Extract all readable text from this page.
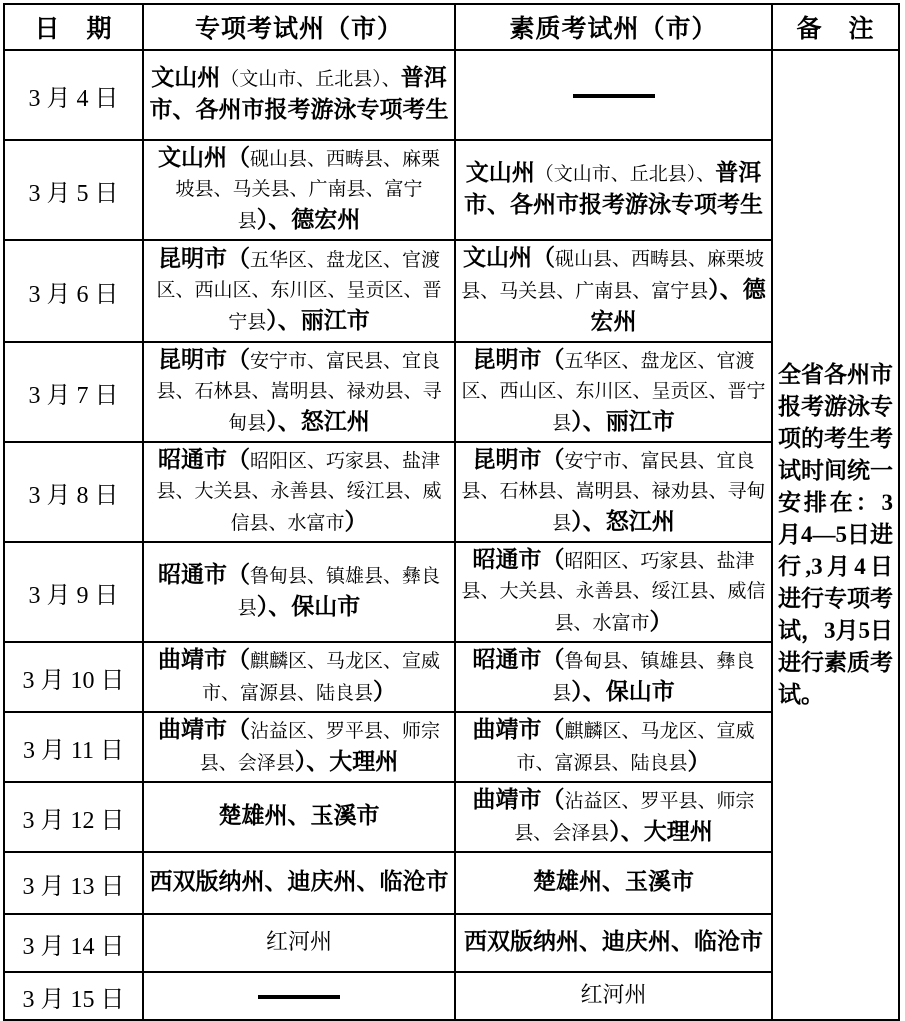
日　期	专项考试州（市）	素质考试州（市）	备　注
3 月 4 日	文山州（文山市、丘北县）、普洱市、各州市报考游泳专项考生		全省各州市报考游泳专项的考生考试时间统一安排在：3月4—5日进行,3月4日进行专项考试，3月5日进行素质考试。

3 月 5 日	文山州（砚山县、西畴县、麻栗坡县、马关县、广南县、富宁县）、德宏州	文山州（文山市、丘北县）、普洱市、各州市报考游泳专项考生	
3 月 6 日	昆明市（五华区、盘龙区、官渡区、西山区、东川区、呈贡区、晋宁县）、丽江市	文山州（砚山县、西畴县、麻栗坡县、马关县、广南县、富宁县）、德宏州	
3 月 7 日	昆明市（安宁市、富民县、宜良县、石林县、嵩明县、禄劝县、寻甸县）、怒江州	昆明市（五华区、盘龙区、官渡区、西山区、东川区、呈贡区、晋宁县）、丽江市	
3 月 8 日	昭通市（昭阳区、巧家县、盐津县、大关县、永善县、绥江县、威信县、水富市）	昆明市（安宁市、富民县、宜良县、石林县、嵩明县、禄劝县、寻甸县）、怒江州	
3 月 9 日	昭通市（鲁甸县、镇雄县、彝良县）、保山市	昭通市（昭阳区、巧家县、盐津县、大关县、永善县、绥江县、威信县、水富市）	
3 月 10 日	曲靖市（麒麟区、马龙区、宣威市、富源县、陆良县）	昭通市（鲁甸县、镇雄县、彝良县）、保山市	
3 月 11 日	曲靖市（沾益区、罗平县、师宗县、会泽县）、大理州	曲靖市（麒麟区、马龙区、宣威市、富源县、陆良县）	
3 月 12 日	楚雄州、玉溪市	曲靖市（沾益区、罗平县、师宗县、会泽县）、大理州	
3 月 13 日	西双版纳州、迪庆州、临沧市	楚雄州、玉溪市	
3 月 14 日	红河州	西双版纳州、迪庆州、临沧市	
3 月 15 日		红河州	
